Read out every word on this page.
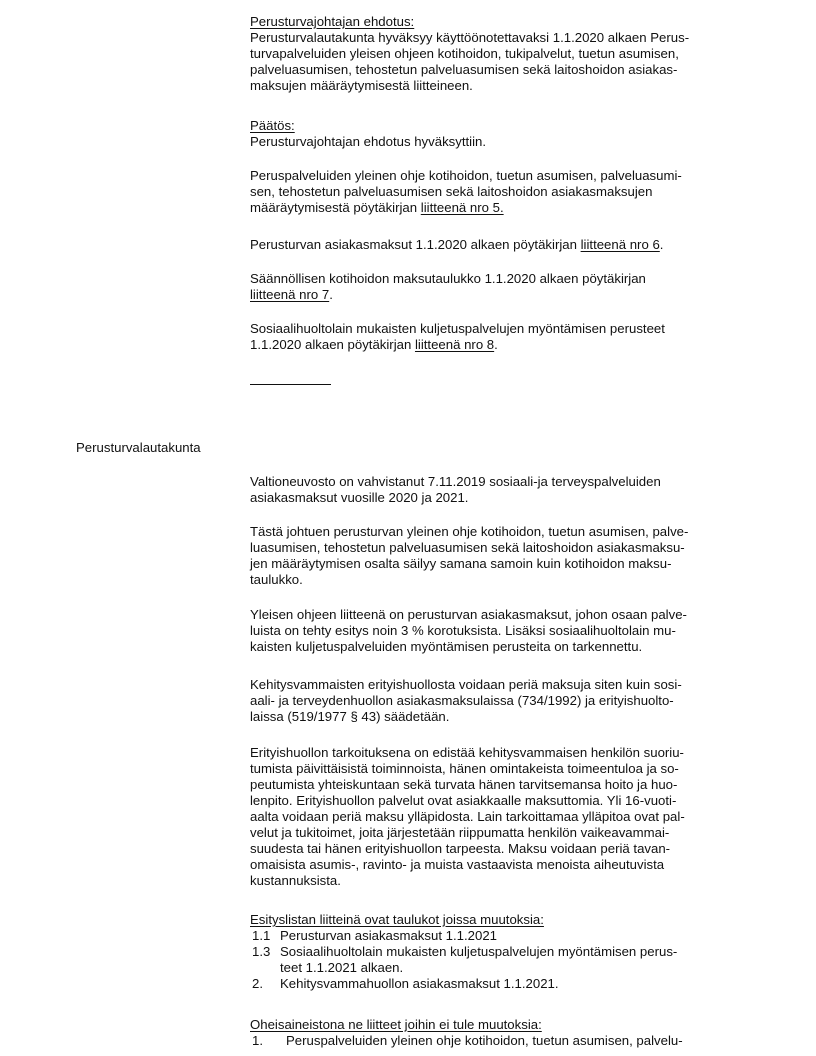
Perusturvajohtajan ehdotus:

Perusturvalautakunta hyväksyy käyttöönotettavaksi 1.1.2020 alkaen Perus-

turvapalveluiden yleisen ohjeen kotihoidon, tukipalvelut, tuetun asumisen,

palveluasumisen, tehostetun palveluasumisen sekä laitoshoidon asiakas-

maksujen määräytymisestä liitteineen.

Päätös:

Perusturvajohtajan ehdotus hyväksyttiin.

Peruspalveluiden yleinen ohje kotihoidon, tuetun asumisen, palveluasumi-

sen, tehostetun palveluasumisen sekä laitoshoidon asiakasmaksujen

määräytymisestä pöytäkirjan liitteenä nro 5.

Perusturvan asiakasmaksut 1.1.2020 alkaen pöytäkirjan liitteenä nro 6.

Säännöllisen kotihoidon maksutaulukko 1.1.2020 alkaen pöytäkirjan

liitteenä nro 7.

Sosiaalihuoltolain mukaisten kuljetuspalvelujen myöntämisen perusteet

1.1.2020 alkaen pöytäkirjan liitteenä nro 8.

Perusturvalautakunta

Valtioneuvosto on vahvistanut 7.11.2019 sosiaali-ja terveyspalveluiden

asiakasmaksut vuosille 2020 ja 2021.

Tästä johtuen perusturvan yleinen ohje kotihoidon, tuetun asumisen, palve-

luasumisen, tehostetun palveluasumisen sekä laitoshoidon asiakasmaksu-

jen määräytymisen osalta säilyy samana samoin kuin kotihoidon maksu-

taulukko.

Yleisen ohjeen liitteenä on perusturvan asiakasmaksut, johon osaan palve-

luista on tehty esitys noin 3 % korotuksista. Lisäksi sosiaalihuoltolain mu-

kaisten kuljetuspalveluiden myöntämisen perusteita on tarkennettu.

Kehitysvammaisten erityishuollosta voidaan periä maksuja siten kuin sosi-

aali- ja terveydenhuollon asiakasmaksulaissa (734/1992) ja erityishuolto-

laissa (519/1977 § 43) säädetään.

Erityishuollon tarkoituksena on edistää kehitysvammaisen henkilön suoriu-

tumista päivittäisistä toiminnoista, hänen omintakeista toimeentuloa ja so-

peutumista yhteiskuntaan sekä turvata hänen tarvitsemansa hoito ja huo-

lenpito. Erityishuollon palvelut ovat asiakkaalle maksuttomia. Yli 16-vuoti-

aalta voidaan periä maksu ylläpidosta. Lain tarkoittamaa ylläpitoa ovat pal-

velut ja tukitoimet, joita järjestetään riippumatta henkilön vaikeavammai-

suudesta tai hänen erityishuollon tarpeesta. Maksu voidaan periä tavan-

omaisista asumis-, ravinto- ja muista vastaavista menoista aiheutuvista

kustannuksista.

Esityslistan liitteinä ovat taulukot joissa muutoksia:

1.1 Perusturvan asiakasmaksut 1.1.2021
1.3 Sosiaalihuoltolain mukaisten kuljetuspalvelujen myöntämisen perus-
teet 1.1.2021 alkaen.
2.	Kehitysvammahuollon asiakasmaksut 1.1.2021.

Oheisaineistona ne liitteet joihin ei tule muutoksia:

1.	Peruspalveluiden yleinen ohje kotihoidon, tuetun asumisen, palvelu-
